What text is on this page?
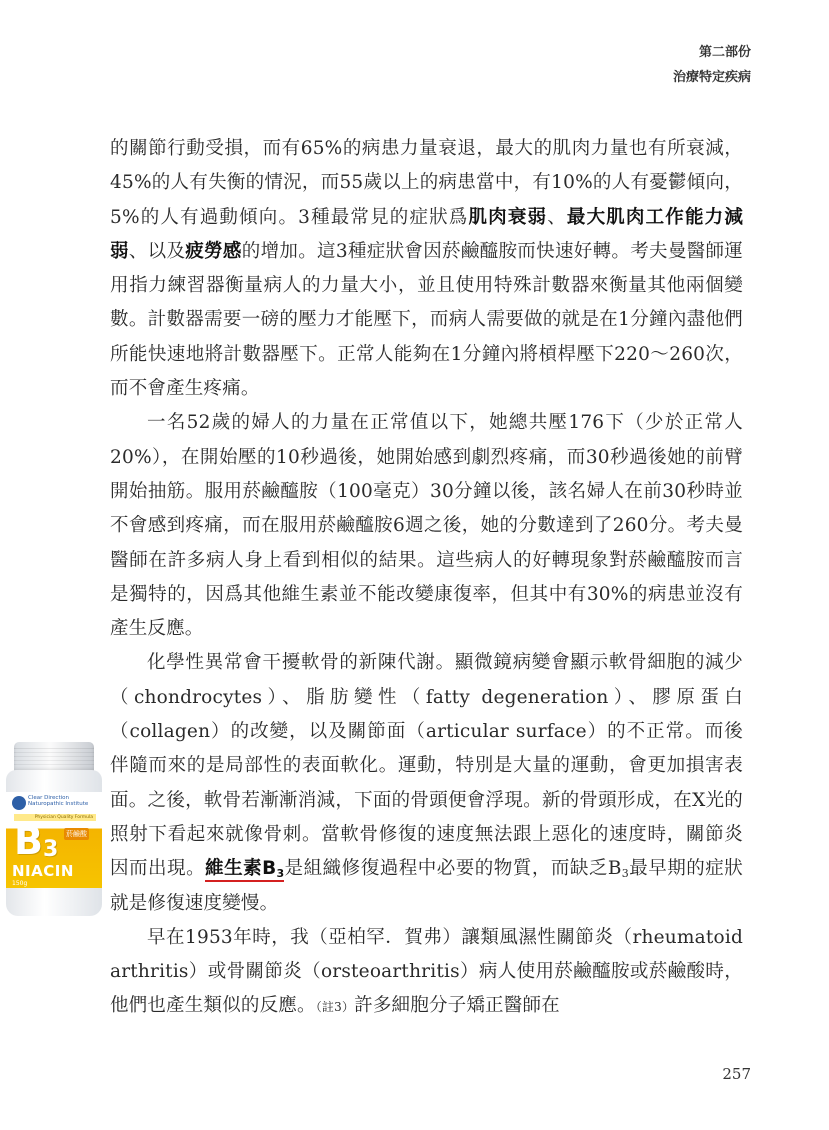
第二部份
治療特定疾病

的關節行動受損，而有65%的病患力量衰退，最大的肌肉力量也有所衰減，45%的人有失衡的情況，而55歲以上的病患當中，有10%的人有憂鬱傾向，5%的人有過動傾向。3種最常見的症狀爲肌肉衰弱、最大肌肉工作能力減弱、以及疲勞感的增加。這3種症狀會因菸鹼醯胺而快速好轉。考夫曼醫師運用指力練習器衡量病人的力量大小，並且使用特殊計數器來衡量其他兩個變數。計數器需要一磅的壓力才能壓下，而病人需要做的就是在1分鐘內盡他們所能快速地將計數器壓下。正常人能夠在1分鐘內將槓桿壓下220～260次，而不會產生疼痛。

一名52歲的婦人的力量在正常值以下，她總共壓176下（少於正常人20%），在開始壓的10秒過後，她開始感到劇烈疼痛，而30秒過後她的前臂開始抽筋。服用菸鹼醯胺（100毫克）30分鐘以後，該名婦人在前30秒時並不會感到疼痛，而在服用菸鹼醯胺6週之後，她的分數達到了260分。考夫曼醫師在許多病人身上看到相似的結果。這些病人的好轉現象對菸鹼醯胺而言是獨特的，因爲其他維生素並不能改變康復率，但其中有30%的病患並沒有產生反應。

化學性異常會干擾軟骨的新陳代謝。顯微鏡病變會顯示軟骨細胞的減少（chondrocytes）、脂肪變性（fatty degeneration）、膠原蛋白（collagen）的改變，以及關節面（articular surface）的不正常。而後伴隨而來的是局部性的表面軟化。運動，特別是大量的運動，會更加損害表面。之後，軟骨若漸漸消減，下面的骨頭便會浮現。新的骨頭形成，在X光的照射下看起來就像骨刺。當軟骨修復的速度無法跟上惡化的速度時，關節炎因而出現。維生素$B_3$是組織修復過程中必要的物質，而缺乏$B_3$最早期的症狀就是修復速度變慢。

早在1953年時，我（亞柏罕．賀弗）讓類風濕性關節炎（rheumatoid arthritis）或骨關節炎（orsteoarthritis）病人使用菸鹼醯胺或菸鹼酸時，他們也產生類似的反應。（註3）許多細胞分子矯正醫師在

Clear Direction
Naturopathic Institute
Physician Quality Formula
B3
菸鹼酸
NIACIN
150g
257
